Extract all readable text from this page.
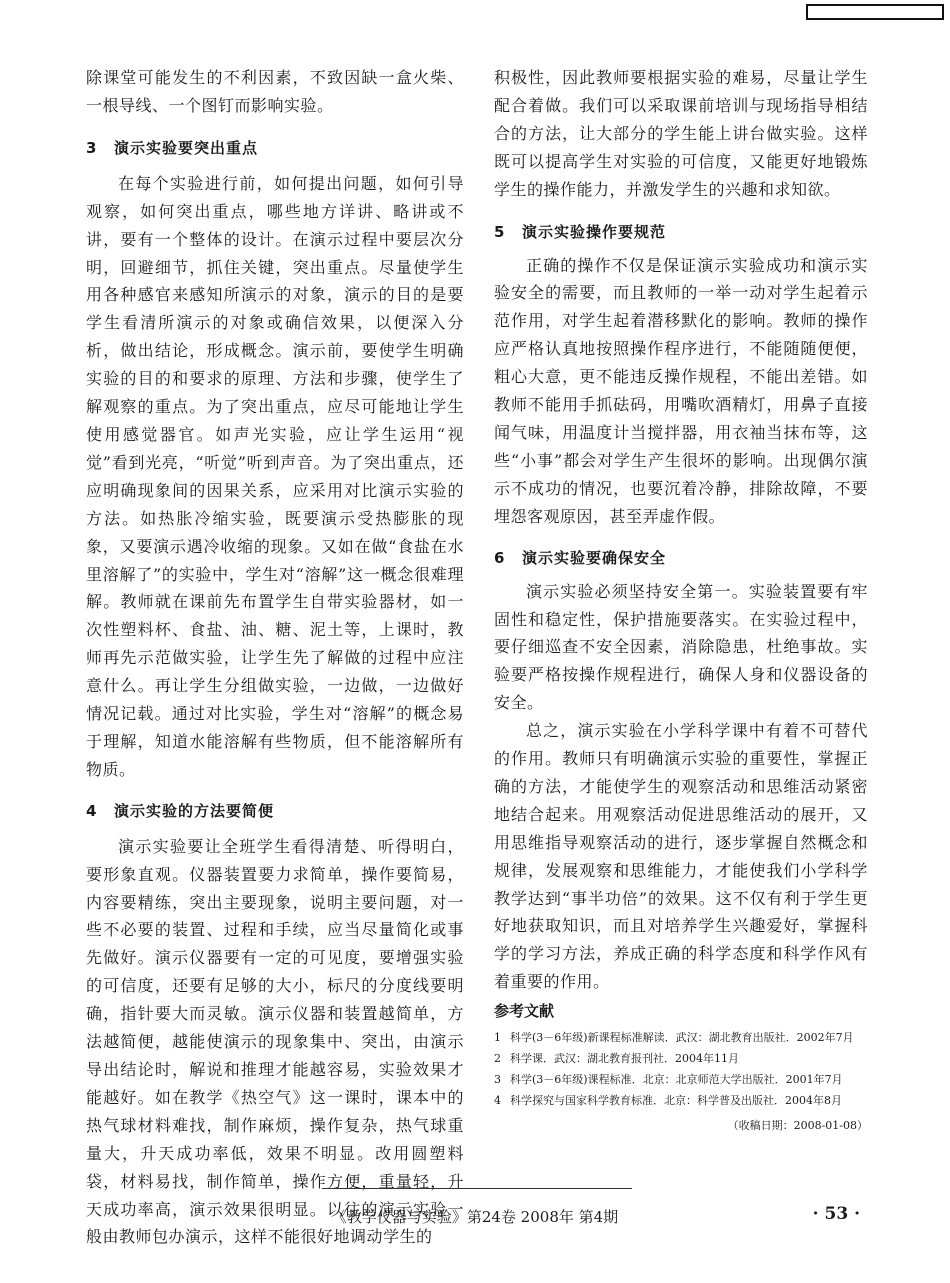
除课堂可能发生的不利因素，不致因缺一盒火柴、一根导线、一个图钉而影响实验。

3 演示实验要突出重点

在每个实验进行前，如何提出问题，如何引导观察，如何突出重点，哪些地方详讲、略讲或不讲，要有一个整体的设计。在演示过程中要层次分明，回避细节，抓住关键，突出重点。尽量使学生用各种感官来感知所演示的对象，演示的目的是要学生看清所演示的对象或确信效果，以便深入分析，做出结论，形成概念。演示前，要使学生明确实验的目的和要求的原理、方法和步骤，使学生了解观察的重点。为了突出重点，应尽可能地让学生使用感觉器官。如声光实验，应让学生运用“视觉”看到光亮，“听觉”听到声音。为了突出重点，还应明确现象间的因果关系，应采用对比演示实验的方法。如热胀冷缩实验，既要演示受热膨胀的现象，又要演示遇冷收缩的现象。又如在做“食盐在水里溶解了”的实验中，学生对“溶解”这一概念很难理解。教师就在课前先布置学生自带实验器材，如一次性塑料杯、食盐、油、糖、泥土等，上课时，教师再先示范做实验，让学生先了解做的过程中应注意什么。再让学生分组做实验，一边做，一边做好情况记载。通过对比实验，学生对“溶解”的概念易于理解，知道水能溶解有些物质，但不能溶解所有物质。

4 演示实验的方法要简便

演示实验要让全班学生看得清楚、听得明白，要形象直观。仪器装置要力求简单，操作要简易，内容要精练，突出主要现象，说明主要问题，对一些不必要的装置、过程和手续，应当尽量简化或事先做好。演示仪器要有一定的可见度，要增强实验的可信度，还要有足够的大小，标尺的分度线要明确，指针要大而灵敏。演示仪器和装置越简单，方法越简便，越能使演示的现象集中、突出，由演示导出结论时，解说和推理才能越容易，实验效果才能越好。如在教学《热空气》这一课时，课本中的热气球材料难找，制作麻烦，操作复杂，热气球重量大，升天成功率低，效果不明显。改用圆塑料袋，材料易找，制作简单，操作方便，重量轻，升天成功率高，演示效果很明显。以往的演示实验一般由教师包办演示，这样不能很好地调动学生的

积极性，因此教师要根据实验的难易，尽量让学生配合着做。我们可以采取课前培训与现场指导相结合的方法，让大部分的学生能上讲台做实验。这样既可以提高学生对实验的可信度，又能更好地锻炼学生的操作能力，并激发学生的兴趣和求知欲。

5 演示实验操作要规范

正确的操作不仅是保证演示实验成功和演示实验安全的需要，而且教师的一举一动对学生起着示范作用，对学生起着潜移默化的影响。教师的操作应严格认真地按照操作程序进行，不能随随便便，粗心大意，更不能违反操作规程，不能出差错。如教师不能用手抓砝码，用嘴吹酒精灯，用鼻子直接闻气味，用温度计当搅拌器，用衣袖当抹布等，这些“小事”都会对学生产生很坏的影响。出现偶尔演示不成功的情况，也要沉着冷静，排除故障，不要埋怨客观原因，甚至弄虚作假。

6 演示实验要确保安全

演示实验必须坚持安全第一。实验装置要有牢固性和稳定性，保护措施要落实。在实验过程中，要仔细巡查不安全因素，消除隐患，杜绝事故。实验要严格按操作规程进行，确保人身和仪器设备的安全。

总之，演示实验在小学科学课中有着不可替代的作用。教师只有明确演示实验的重要性，掌握正确的方法，才能使学生的观察活动和思维活动紧密地结合起来。用观察活动促进思维活动的展开，又用思维指导观察活动的进行，逐步掌握自然概念和规律，发展观察和思维能力，才能使我们小学科学教学达到“事半功倍”的效果。这不仅有利于学生更好地获取知识，而且对培养学生兴趣爱好，掌握科学的学习方法，养成正确的科学态度和科学作风有着重要的作用。

参考文献
1 科学(3－6年级)新课程标准解读．武汉：湖北教育出版社．2002年7月
2 科学课．武汉：湖北教育报刊社．2004年11月
3 科学(3－6年级)课程标准．北京：北京师范大学出版社．2001年7月
4 科学探究与国家科学教育标准．北京：科学普及出版社．2004年8月
（收稿日期：2008-01-08）
《教学仪器与实验》第24卷 2008年 第4期	· 53 ·
